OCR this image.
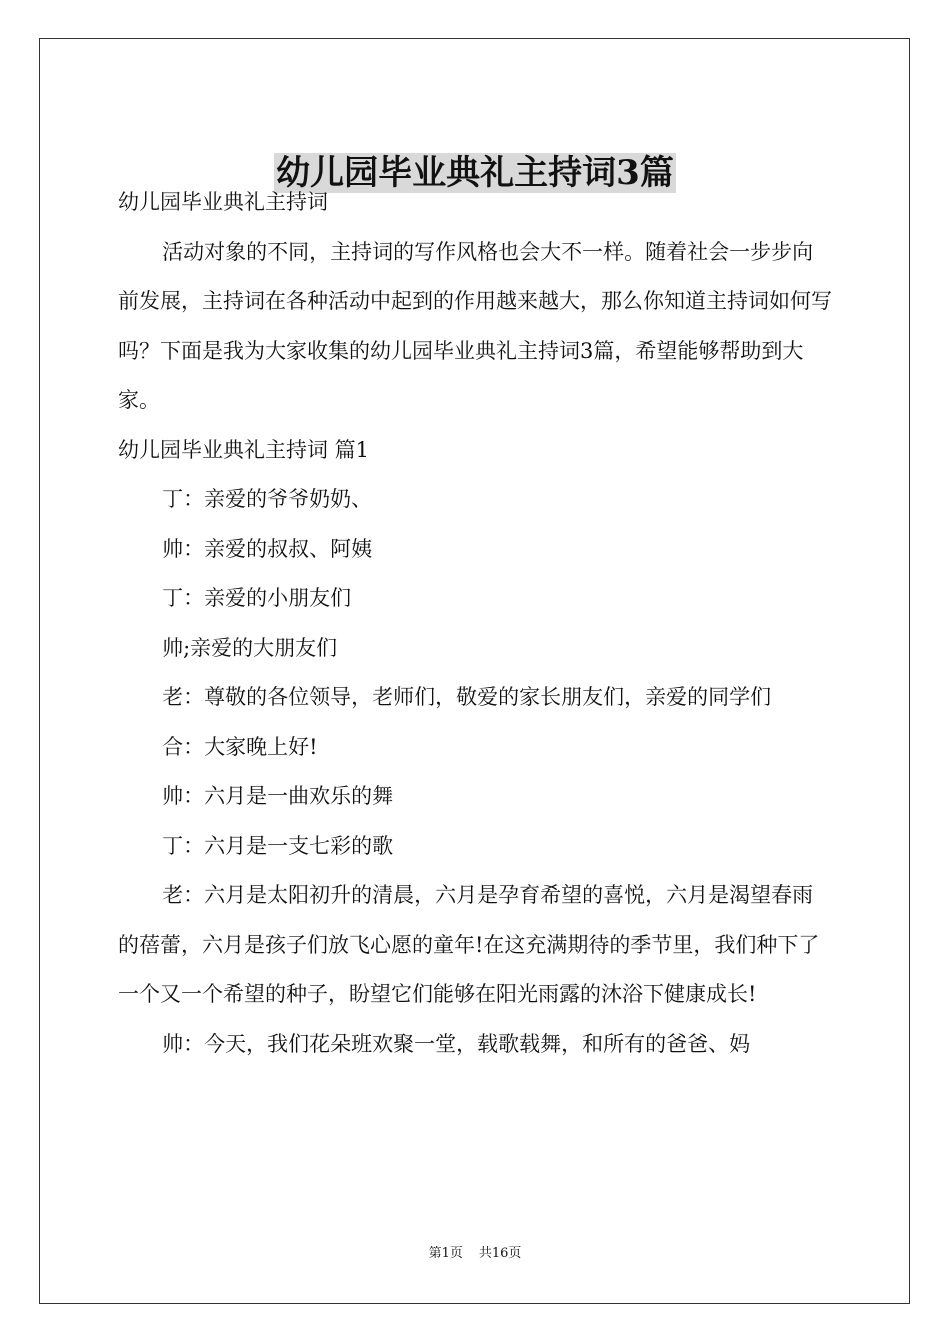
幼儿园毕业典礼主持词3篇

幼儿园毕业典礼主持词

活动对象的不同，主持词的写作风格也会大不一样。随着社会一步步向前发展，主持词在各种活动中起到的作用越来越大，那么你知道主持词如何写吗？下面是我为大家收集的幼儿园毕业典礼主持词3篇，希望能够帮助到大家。

幼儿园毕业典礼主持词 篇1

丁：亲爱的爷爷奶奶、

帅：亲爱的叔叔、阿姨

丁：亲爱的小朋友们

帅;亲爱的大朋友们

老：尊敬的各位领导，老师们，敬爱的家长朋友们，亲爱的同学们

合：大家晚上好!

帅：六月是一曲欢乐的舞

丁：六月是一支七彩的歌

老：六月是太阳初升的清晨，六月是孕育希望的喜悦，六月是渴望春雨的蓓蕾，六月是孩子们放飞心愿的童年!在这充满期待的季节里，我们种下了一个又一个希望的种子，盼望它们能够在阳光雨露的沐浴下健康成长!

帅：今天，我们花朵班欢聚一堂，载歌载舞，和所有的爸爸、妈

第1页 共16页
